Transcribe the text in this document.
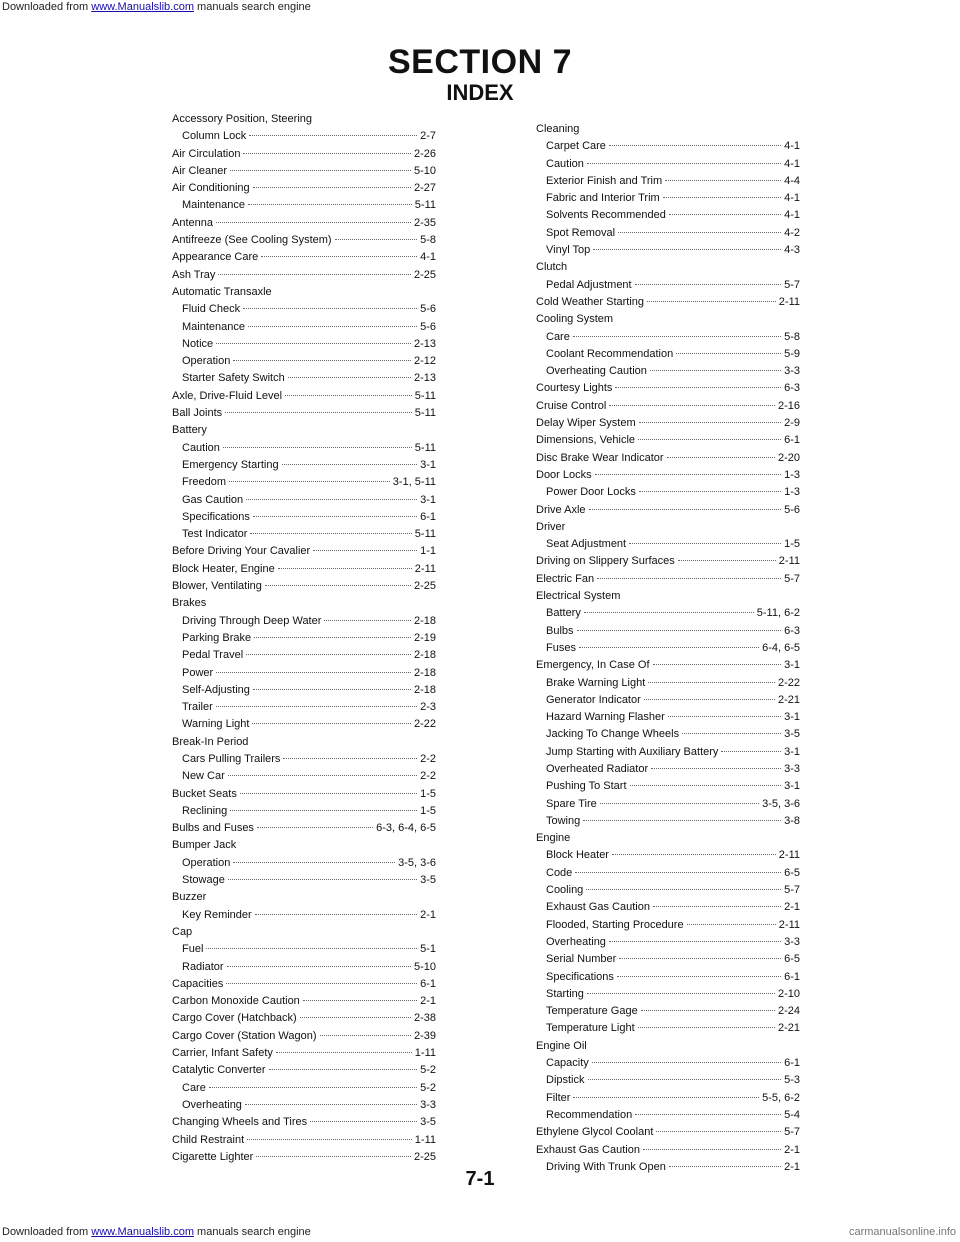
Downloaded from www.Manualslib.com manuals search engine
SECTION 7
INDEX
Accessory Position, Steering
Column Lock	2-7
Air Circulation	2-26
Air Cleaner	5-10
Air Conditioning	2-27
Maintenance	5-11
Antenna	2-35
Antifreeze (See Cooling System)	5-8
Appearance Care	4-1
Ash Tray	2-25
Automatic Transaxle
Fluid Check	5-6
Maintenance	5-6
Notice	2-13
Operation	2-12
Starter Safety Switch	2-13
Axle, Drive-Fluid Level	5-11
Ball Joints	5-11
Battery
Caution	5-11
Emergency Starting	3-1
Freedom	3-1, 5-11
Gas Caution	3-1
Specifications	6-1
Test Indicator	5-11
Before Driving Your Cavalier	1-1
Block Heater, Engine	2-11
Blower, Ventilating	2-25
Brakes
Driving Through Deep Water	2-18
Parking Brake	2-19
Pedal Travel	2-18
Power	2-18
Self-Adjusting	2-18
Trailer	2-3
Warning Light	2-22
Break-In Period
Cars Pulling Trailers	2-2
New Car	2-2
Bucket Seats	1-5
Reclining	1-5
Bulbs and Fuses	6-3, 6-4, 6-5
Bumper Jack
Operation	3-5, 3-6
Stowage	3-5
Buzzer
Key Reminder	2-1
Cap
Fuel	5-1
Radiator	5-10
Capacities	6-1
Carbon Monoxide Caution	2-1
Cargo Cover (Hatchback)	2-38
Cargo Cover (Station Wagon)	2-39
Carrier, Infant Safety	1-11
Catalytic Converter	5-2
Care	5-2
Overheating	3-3
Changing Wheels and Tires	3-5
Child Restraint	1-11
Cigarette Lighter	2-25
Cleaning
Carpet Care	4-1
Caution	4-1
Exterior Finish and Trim	4-4
Fabric and Interior Trim	4-1
Solvents Recommended	4-1
Spot Removal	4-2
Vinyl Top	4-3
Clutch
Pedal Adjustment	5-7
Cold Weather Starting	2-11
Cooling System
Care	5-8
Coolant Recommendation	5-9
Overheating Caution	3-3
Courtesy Lights	6-3
Cruise Control	2-16
Delay Wiper System	2-9
Dimensions, Vehicle	6-1
Disc Brake Wear Indicator	2-20
Door Locks	1-3
Power Door Locks	1-3
Drive Axle	5-6
Driver
Seat Adjustment	1-5
Driving on Slippery Surfaces	2-11
Electric Fan	5-7
Electrical System
Battery	5-11, 6-2
Bulbs	6-3
Fuses	6-4, 6-5
Emergency, In Case Of	3-1
Brake Warning Light	2-22
Generator Indicator	2-21
Hazard Warning Flasher	3-1
Jacking To Change Wheels	3-5
Jump Starting with Auxiliary Battery	3-1
Overheated Radiator	3-3
Pushing To Start	3-1
Spare Tire	3-5, 3-6
Towing	3-8
Engine
Block Heater	2-11
Code	6-5
Cooling	5-7
Exhaust Gas Caution	2-1
Flooded, Starting Procedure	2-11
Overheating	3-3
Serial Number	6-5
Specifications	6-1
Starting	2-10
Temperature Gage	2-24
Temperature Light	2-21
Engine Oil
Capacity	6-1
Dipstick	5-3
Filter	5-5, 6-2
Recommendation	5-4
Ethylene Glycol Coolant	5-7
Exhaust Gas Caution	2-1
Driving With Trunk Open	2-1
7-1
Downloaded from www.Manualslib.com manuals search engine	carmanualsonline.info
